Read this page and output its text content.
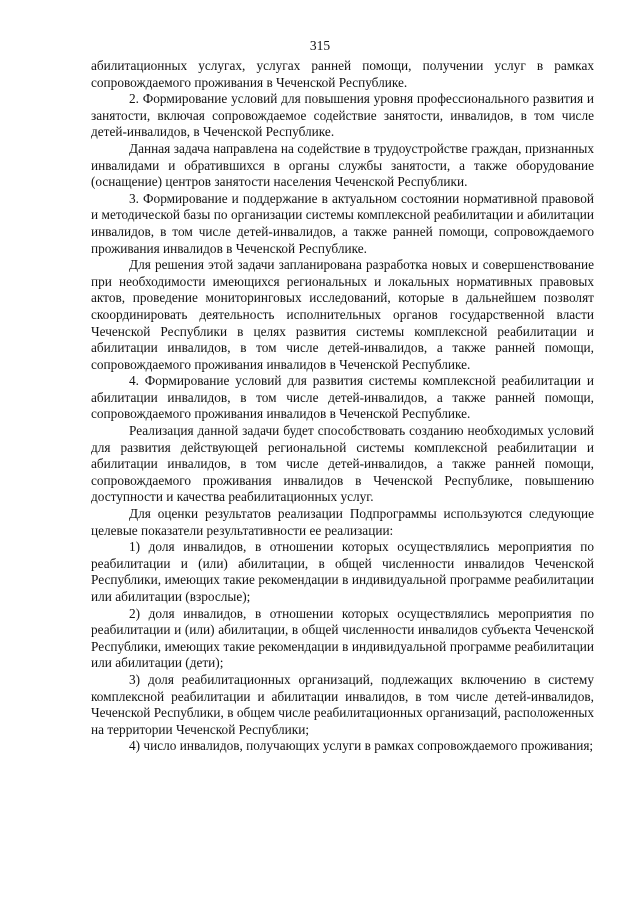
315

абилитационных услугах, услугах ранней помощи, получении услуг в рамках сопровождаемого проживания в Чеченской Республике.

2. Формирование условий для повышения уровня профессионального развития и занятости, включая сопровождаемое содействие занятости, инвалидов, в том числе детей-инвалидов, в Чеченской Республике.

Данная задача направлена на содействие в трудоустройстве граждан, признанных инвалидами и обратившихся в органы службы занятости, а также оборудование (оснащение) центров занятости населения Чеченской Республики.

3. Формирование и поддержание в актуальном состоянии нормативной правовой и методической базы по организации системы комплексной реабилитации и абилитации инвалидов, в том числе детей-инвалидов, а также ранней помощи, сопровождаемого проживания инвалидов в Чеченской Республике.

Для решения этой задачи запланирована разработка новых и совершенствование при необходимости имеющихся региональных и локальных нормативных правовых актов, проведение мониторинговых исследований, которые в дальнейшем позволят скоординировать деятельность исполнительных органов государственной власти Чеченской Республики в целях развития системы комплексной реабилитации и абилитации инвалидов, в том числе детей-инвалидов, а также ранней помощи, сопровождаемого проживания инвалидов в Чеченской Республике.

4. Формирование условий для развития системы комплексной реабилитации и абилитации инвалидов, в том числе детей-инвалидов, а также ранней помощи, сопровождаемого проживания инвалидов в Чеченской Республике.

Реализация данной задачи будет способствовать созданию необходимых условий для развития действующей региональной системы комплексной реабилитации и абилитации инвалидов, в том числе детей-инвалидов, а также ранней помощи, сопровождаемого проживания инвалидов в Чеченской Республике, повышению доступности и качества реабилитационных услуг.

Для оценки результатов реализации Подпрограммы используются следующие целевые показатели результативности ее реализации:

1) доля инвалидов, в отношении которых осуществлялись мероприятия по реабилитации и (или) абилитации, в общей численности инвалидов Чеченской Республики, имеющих такие рекомендации в индивидуальной программе реабилитации или абилитации (взрослые);

2) доля инвалидов, в отношении которых осуществлялись мероприятия по реабилитации и (или) абилитации, в общей численности инвалидов субъекта Чеченской Республики, имеющих такие рекомендации в индивидуальной программе реабилитации или абилитации (дети);

3) доля реабилитационных организаций, подлежащих включению в систему комплексной реабилитации и абилитации инвалидов, в том числе детей-инвалидов, Чеченской Республики, в общем числе реабилитационных организаций, расположенных на территории Чеченской Республики;

4) число инвалидов, получающих услуги в рамках сопровождаемого проживания;
